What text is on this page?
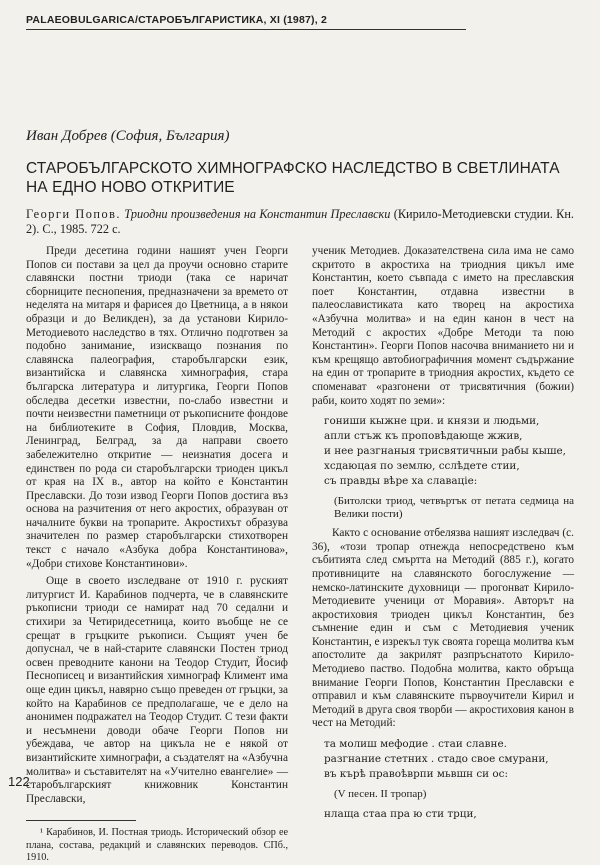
PALAEOBULGARICA/СТАРОБЪЛГАРИСТИКА, XI (1987), 2
Иван Добрев (София, България)
СТАРОБЪЛГАРСКОТО ХИМНОГРАФСКО НАСЛЕДСТВО В СВЕТЛИНАТА НА ЕДНО НОВО ОТКРИТИЕ
Георги Попов. Триодни произведения на Константин Преславски (Кирило-Методиевски студии. Кн. 2). С., 1985. 722 с.

Преди десетина години нашият учен Георги Попов си постави за цел да проучи основно старите славянски постни триоди (така се наричат сборниците песнопения, предназначени за времето от неделята на митаря и фарисея до Цветница, а в някои образци и до Великден), за да установи Кирило-Методиевото наследство в тях. Отлично подготвен за подобно занимание, изискващо познания по славянска палеография, старобългарски език, византийска и славянска химнография, стара българска литература и литургика, Георги Попов обследва десетки известни, по-слабо известни и почти неизвестни паметници от ръкописните фондове на библиотеките в София, Пловдив, Москва, Ленинград, Белград, за да направи своето забележително откритие — неизнатия досега и единствен по рода си старобългарски триоден цикъл от края на IX в., автор на който е Константин Преславски. До този извод Георги Попов достига въз основа на разчитения от него акростих, образуван от началните букви на тропарите. Акростихът образува значителен по размер старобългарски стихотворен текст с начало «Азбука добра Константинова», «Добри стихове Константинови».

Още в своето изследване от 1910 г. руският литургист И. Карабинов подчерта, че в славянските ръкописни триоди се намират над 70 седални и стихири за Четиридесетница, които въобще не се срещат в гръцките ръкописи. Същият учен бе допуснал, че в най-старите славянски Постен триод освен преводните канони на Теодор Студит, Йосиф Песнописец и византийския химнограф Климент има още един цикъл, навярно също преведен от гръцки, за който на Карабинов се предполагаше, че е дело на анонимен подражател на Теодор Студит. С тези факти и несъмнени доводи обаче Георги Попов ни убеждава, че автор на цикъла не е някой от византийските химнографи, а създателят на «Азбучна молитва» и съставителят на «Учително евангелие» — старобългарският книжовник Константин Преславски,

¹ Карабинов, И. Постная триодь. Исторический обзор ее плана, состава, редакций и славянских переводов. СПб., 1910.

ученик Методиев. Доказателствена сила има не само скритото в акростиха на триодния цикъл име Константин, което съвпада с името на преславския поет Константин, отдавна известни в палеославистиката като творец на акростиха «Азбучна молитва» и на един канон в чест на Методий с акростих «Добре Методи та пою Константин». Георги Попов насочва вниманието ни и към крещящо автобиографичния момент съдържание на един от тропарите в триодния акростих, където се споменават «разгонени от трисвятичния (божии) раби, които ходят по земи»:

гониши кыжне цри. и князи и людьми,
апли стъж къ проповѣдающе жжив,
и нее разгнаныя трисвятичныи рабы кыше,
хсдаюцая по землю, сслѣдете стии,
съ правды вѣре ха славаціе:
(Битолски триод, четвъртък от петата седмица на Велики пости)

Както с основание отбелязва нашият изследвач (с. 36), «този тропар отнежда непосредствено към събитията след смъртта на Методий (885 г.), когато противниците на славянското богослужение — немско-латинските духовници — прогонват Кирило-Методиевите ученици от Моравия». Авторът на акростиховия триоден цикъл Константин, без съмнение един и съм с Методиевия ученик Константин, е изрекъл тук своята гореща молитва към апостолите да закрилят разпръснатото Кирило-Методиево паство. Подобна молитва, както обръща внимание Георги Попов, Константин Преславски е отправил и към славянските първоучители Кирил и Методий в друга своя творби — акростиховия канон в чест на Методий:

та молиш мефодие . стаи славне.
разгнание стетних . стадо свое смурани,
въ кърѣ правоѣврпи мьвшн си ос:
(V песен. II тропар)
нлаща стаа пра ю сти трци,
122
